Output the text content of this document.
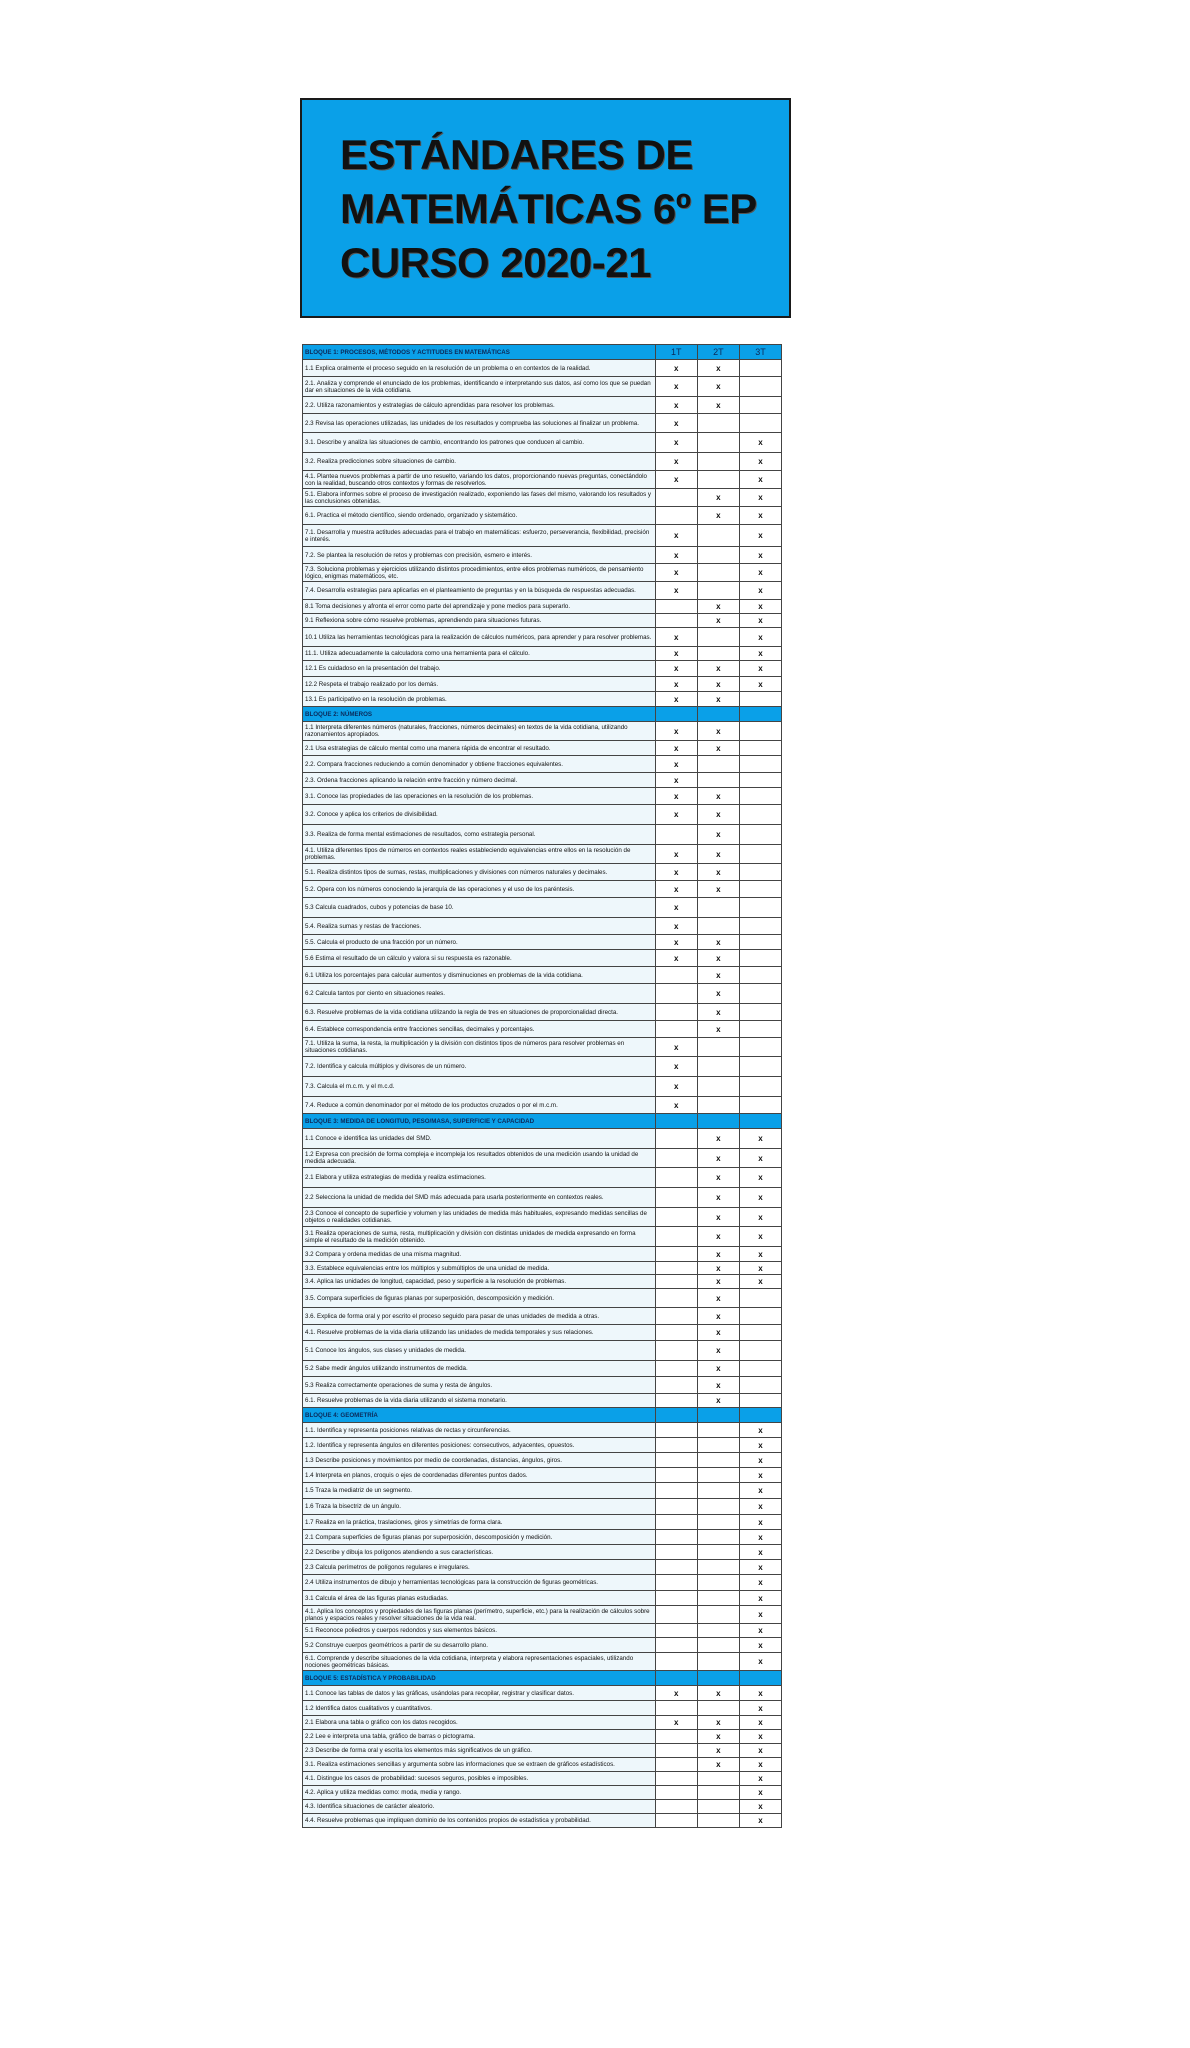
ESTÁNDARES DE
MATEMÁTICAS 6º EP
CURSO 2020-21
BLOQUE 1: PROCESOS, MÉTODOS Y ACTITUDES EN MATEMÁTICAS	1T	2T	3T
1.1 Explica oralmente el proceso seguido en la resolución de un problema o en contextos de la realidad.	x	x	
2.1. Analiza y comprende el enunciado de los problemas, identificando e interpretando sus datos, así como los que se puedan dar en situaciones de la vida cotidiana.	x	x	
2.2. Utiliza razonamientos y estrategias de cálculo aprendidas para resolver los problemas.	x	x	
2.3 Revisa las operaciones utilizadas, las unidades de los resultados y comprueba las soluciones al finalizar un problema.	x		
3.1. Describe y analiza las situaciones de cambio, encontrando los patrones que conducen al cambio.	x		x
3.2. Realiza predicciones sobre situaciones de cambio.	x		x
4.1. Plantea nuevos problemas a partir de uno resuelto, variando los datos, proporcionando nuevas preguntas, conectándolo con la realidad, buscando otros contextos y formas de resolverlos.	x		x
5.1. Elabora informes sobre el proceso de investigación realizado, exponiendo las fases del mismo, valorando los resultados y las conclusiones obtenidas.		x	x
6.1. Practica el método científico, siendo ordenado, organizado y sistemático.		x	x
7.1. Desarrolla y muestra actitudes adecuadas para el trabajo en matemáticas: esfuerzo, perseverancia, flexibilidad, precisión e interés.	x		x
7.2. Se plantea la resolución de retos y problemas con precisión, esmero e interés.	x		x
7.3. Soluciona problemas y ejercicios utilizando distintos procedimientos, entre ellos problemas numéricos, de pensamiento lógico, enigmas matemáticos, etc.	x		x
7.4. Desarrolla estrategias para aplicarlas en el planteamiento de preguntas y en la búsqueda de respuestas adecuadas.	x		x
8.1 Toma decisiones y afronta el error como parte del aprendizaje y pone medios para superarlo.		x	x
9.1 Reflexiona sobre cómo resuelve problemas, aprendiendo para situaciones futuras.		x	x
10.1 Utiliza las herramientas tecnológicas para la realización de cálculos numéricos, para aprender y para resolver problemas.	x		x
11.1. Utiliza adecuadamente la calculadora como una herramienta para el cálculo.	x		x
12.1 Es cuidadoso en la presentación del trabajo.	x	x	x
12.2 Respeta el trabajo realizado por los demás.	x	x	x
13.1 Es participativo en la resolución de problemas.	x	x	
BLOQUE 2: NÚMEROS			
1.1 Interpreta diferentes números (naturales, fracciones, números decimales) en textos de la vida cotidiana, utilizando razonamientos apropiados.	x	x	
2.1 Usa estrategias de cálculo mental como una manera rápida de encontrar el resultado.	x	x	
2.2. Compara fracciones reduciendo a común denominador y obtiene fracciones equivalentes.	x		
2.3. Ordena fracciones aplicando la relación entre fracción y número decimal.	x		
3.1. Conoce las propiedades de las operaciones en la resolución de los problemas.	x	x	
3.2. Conoce y aplica los criterios de divisibilidad.	x	x	
3.3. Realiza de forma mental estimaciones de resultados, como estrategia personal.		x	
4.1. Utiliza diferentes tipos de números en contextos reales estableciendo equivalencias entre ellos en la resolución de problemas.	x	x	
5.1. Realiza distintos tipos de sumas, restas, multiplicaciones y divisiones con números naturales y decimales.	x	x	
5.2. Opera con los números conociendo la jerarquía de las operaciones y el uso de los paréntesis.	x	x	
5.3 Calcula cuadrados, cubos y potencias de base 10.	x		
5.4. Realiza sumas y restas de fracciones.	x		
5.5. Calcula el producto de una fracción por un número.	x	x	
5.6 Estima el resultado de un cálculo y valora si su respuesta es razonable.	x	x	
6.1 Utiliza los porcentajes para calcular aumentos y disminuciones en problemas de la vida cotidiana.		x	
6.2 Calcula tantos por ciento en situaciones reales.		x	
6.3. Resuelve problemas de la vida cotidiana utilizando la regla de tres en situaciones de proporcionalidad directa.		x	
6.4. Establece correspondencia entre fracciones sencillas, decimales y porcentajes.		x	
7.1. Utiliza la suma, la resta, la multiplicación y la división con distintos tipos de números para resolver problemas en situaciones cotidianas.	x		
7.2. Identifica y calcula múltiplos y divisores de un número.	x		
7.3. Calcula el m.c.m. y el m.c.d.	x		
7.4. Reduce a común denominador por el método de los productos cruzados o por el m.c.m.	x		
BLOQUE 3: MEDIDA DE LONGITUD, PESO/MASA, SUPERFICIE Y CAPACIDAD			
1.1 Conoce e identifica las unidades del SMD.		x	x
1.2 Expresa con precisión de forma compleja e incompleja los resultados obtenidos de una medición usando la unidad de medida adecuada.		x	x
2.1 Elabora y utiliza estrategias de medida y realiza estimaciones.		x	x
2.2 Selecciona la unidad de medida del SMD más adecuada para usarla posteriormente en contextos reales.		x	x
2.3 Conoce el concepto de superficie y volumen y las unidades de medida más habituales, expresando medidas sencillas de objetos o realidades cotidianas.		x	x
3.1 Realiza operaciones de suma, resta, multiplicación y división con distintas unidades de medida expresando en forma simple el resultado de la medición obtenido.		x	x
3.2 Compara y ordena medidas de una misma magnitud.		x	x
3.3. Establece equivalencias entre los múltiplos y submúltiplos de una unidad de medida.		x	x
3.4. Aplica las unidades de longitud, capacidad, peso y superficie a la resolución de problemas.		x	x
3.5. Compara superficies de figuras planas por superposición, descomposición y medición.		x	
3.6. Explica de forma oral y por escrito el proceso seguido para pasar de unas unidades de medida a otras.		x	
4.1. Resuelve problemas de la vida diaria utilizando las unidades de medida temporales y sus relaciones.		x	
5.1 Conoce los ángulos, sus clases y unidades de medida.		x	
5.2 Sabe medir ángulos utilizando instrumentos de medida.		x	
5.3 Realiza correctamente operaciones de suma y resta de ángulos.		x	
6.1. Resuelve problemas de la vida diaria utilizando el sistema monetario.		x	
BLOQUE 4: GEOMETRÍA			
1.1. Identifica y representa posiciones relativas de rectas y circunferencias.			x
1.2. Identifica y representa ángulos en diferentes posiciones: consecutivos, adyacentes, opuestos.			x
1.3 Describe posiciones y movimientos por medio de coordenadas, distancias, ángulos, giros.			x
1.4 Interpreta en planos, croquis o ejes de coordenadas diferentes puntos dados.			x
1.5 Traza la mediatriz de un segmento.			x
1.6 Traza la bisectriz de un ángulo.			x
1.7 Realiza en la práctica, traslaciones, giros y simetrías de forma clara.			x
2.1 Compara superficies de figuras planas por superposición, descomposición y medición.			x
2.2 Describe y dibuja los polígonos atendiendo a sus características.			x
2.3 Calcula perímetros de polígonos regulares e irregulares.			x
2.4 Utiliza instrumentos de dibujo y herramientas tecnológicas para la construcción de figuras geométricas.			x
3.1 Calcula el área de las figuras planas estudiadas.			x
4.1. Aplica los conceptos y propiedades de las figuras planas (perímetro, superficie, etc.) para la realización de cálculos sobre planos y espacios reales y resolver situaciones de la vida real.			x
5.1 Reconoce poliedros y cuerpos redondos y sus elementos básicos.			x
5.2 Construye cuerpos geométricos a partir de su desarrollo plano.			x
6.1. Comprende y describe situaciones de la vida cotidiana, interpreta y elabora representaciones espaciales, utilizando nociones geométricas básicas.			x
BLOQUE 5: ESTADÍSTICA Y PROBABILIDAD			
1.1 Conoce las tablas de datos y las gráficas, usándolas para recopilar, registrar y clasificar datos.	x	x	x
1.2 Identifica datos cualitativos y cuantitativos.			x
2.1 Elabora una tabla o gráfico con los datos recogidos.	x	x	x
2.2 Lee e interpreta una tabla, gráfico de barras o pictograma.		x	x
2.3 Describe de forma oral y escrita los elementos más significativos de un gráfico.		x	x
3.1. Realiza estimaciones sencillas y argumenta sobre las informaciones que se extraen de gráficos estadísticos.		x	x
4.1. Distingue los casos de probabilidad: sucesos seguros, posibles e imposibles.			x
4.2. Aplica y utiliza medidas como: moda, media y rango.			x
4.3. Identifica situaciones de carácter aleatorio.			x
4.4. Resuelve problemas que impliquen dominio de los contenidos propios de estadística y probabilidad.			x
